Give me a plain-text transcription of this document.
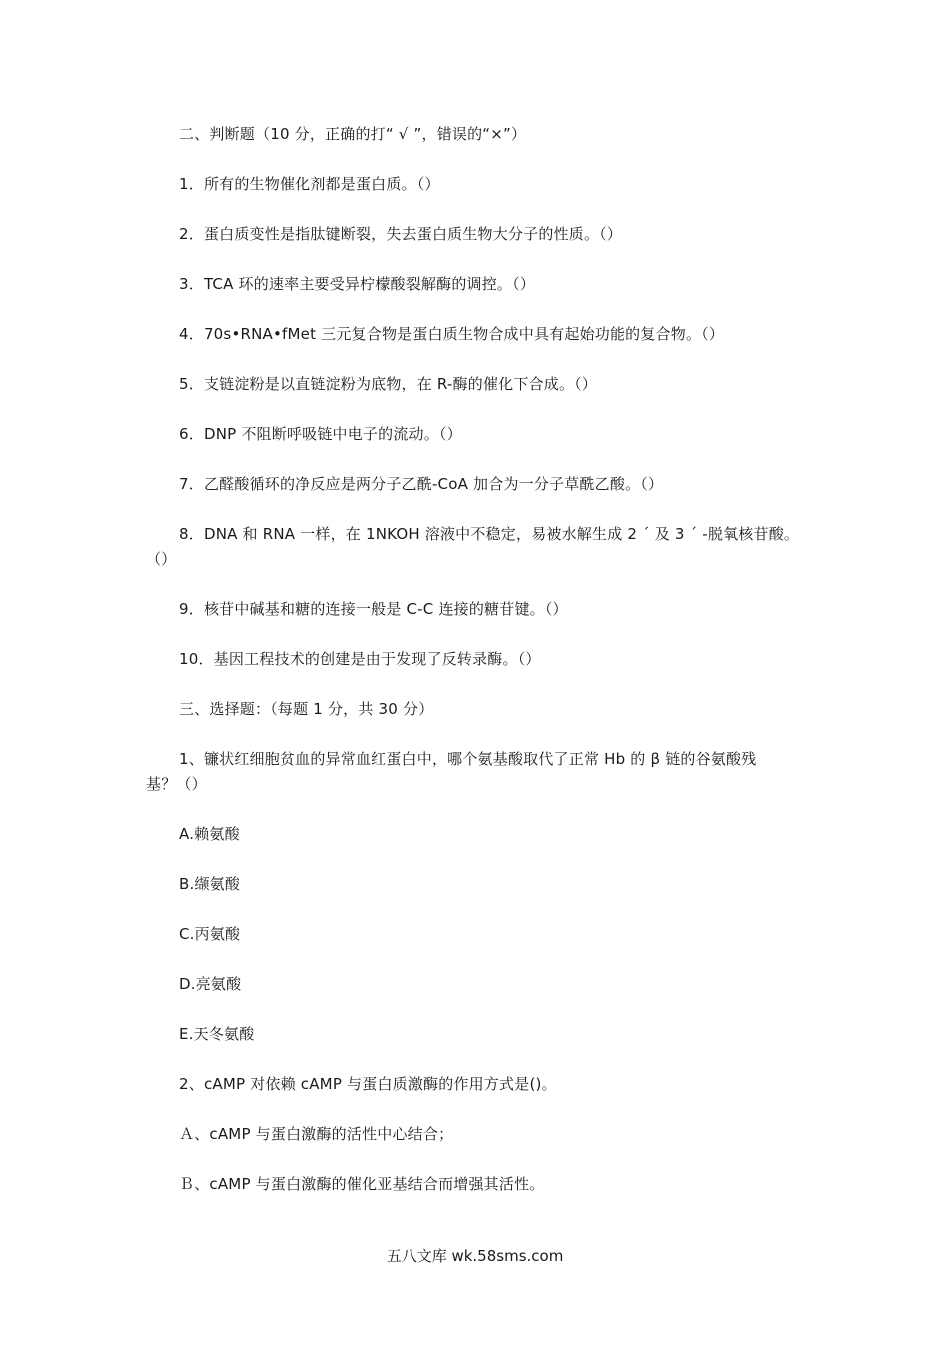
二、判断题（10 分，正确的打“ √ ”，错误的“×”）
1．所有的生物催化剂都是蛋白质。（）
2．蛋白质变性是指肽键断裂，失去蛋白质生物大分子的性质。（）
3．TCA 环的速率主要受异柠檬酸裂解酶的调控。（）
4．70s•RNA•fMet 三元复合物是蛋白质生物合成中具有起始功能的复合物。（）
5．支链淀粉是以直链淀粉为底物，在 R-酶的催化下合成。（）
6．DNP 不阻断呼吸链中电子的流动。（）
7．乙醛酸循环的净反应是两分子乙酰-CoA 加合为一分子草酰乙酸。（）
8．DNA 和 RNA 一样，在 1NKOH 溶液中不稳定，易被水解生成 2 ´ 及 3 ´ -脱氧核苷酸。
（）
9．核苷中碱基和糖的连接一般是 C-C 连接的糖苷键。（）
10．基因工程技术的创建是由于发现了反转录酶。（）
三、选择题：（每题 1 分，共 30 分）
1、镰状红细胞贫血的异常血红蛋白中，哪个氨基酸取代了正常 Hb 的 β 链的谷氨酸残
基？（）
A.赖氨酸
B.缬氨酸
C.丙氨酸
D.亮氨酸
E.天冬氨酸
2、cAMP 对依赖 cAMP 与蛋白质激酶的作用方式是()。
Ａ、cAMP 与蛋白激酶的活性中心结合；
Ｂ、cAMP 与蛋白激酶的催化亚基结合而增强其活性。
五八文库 wk.58sms.com
